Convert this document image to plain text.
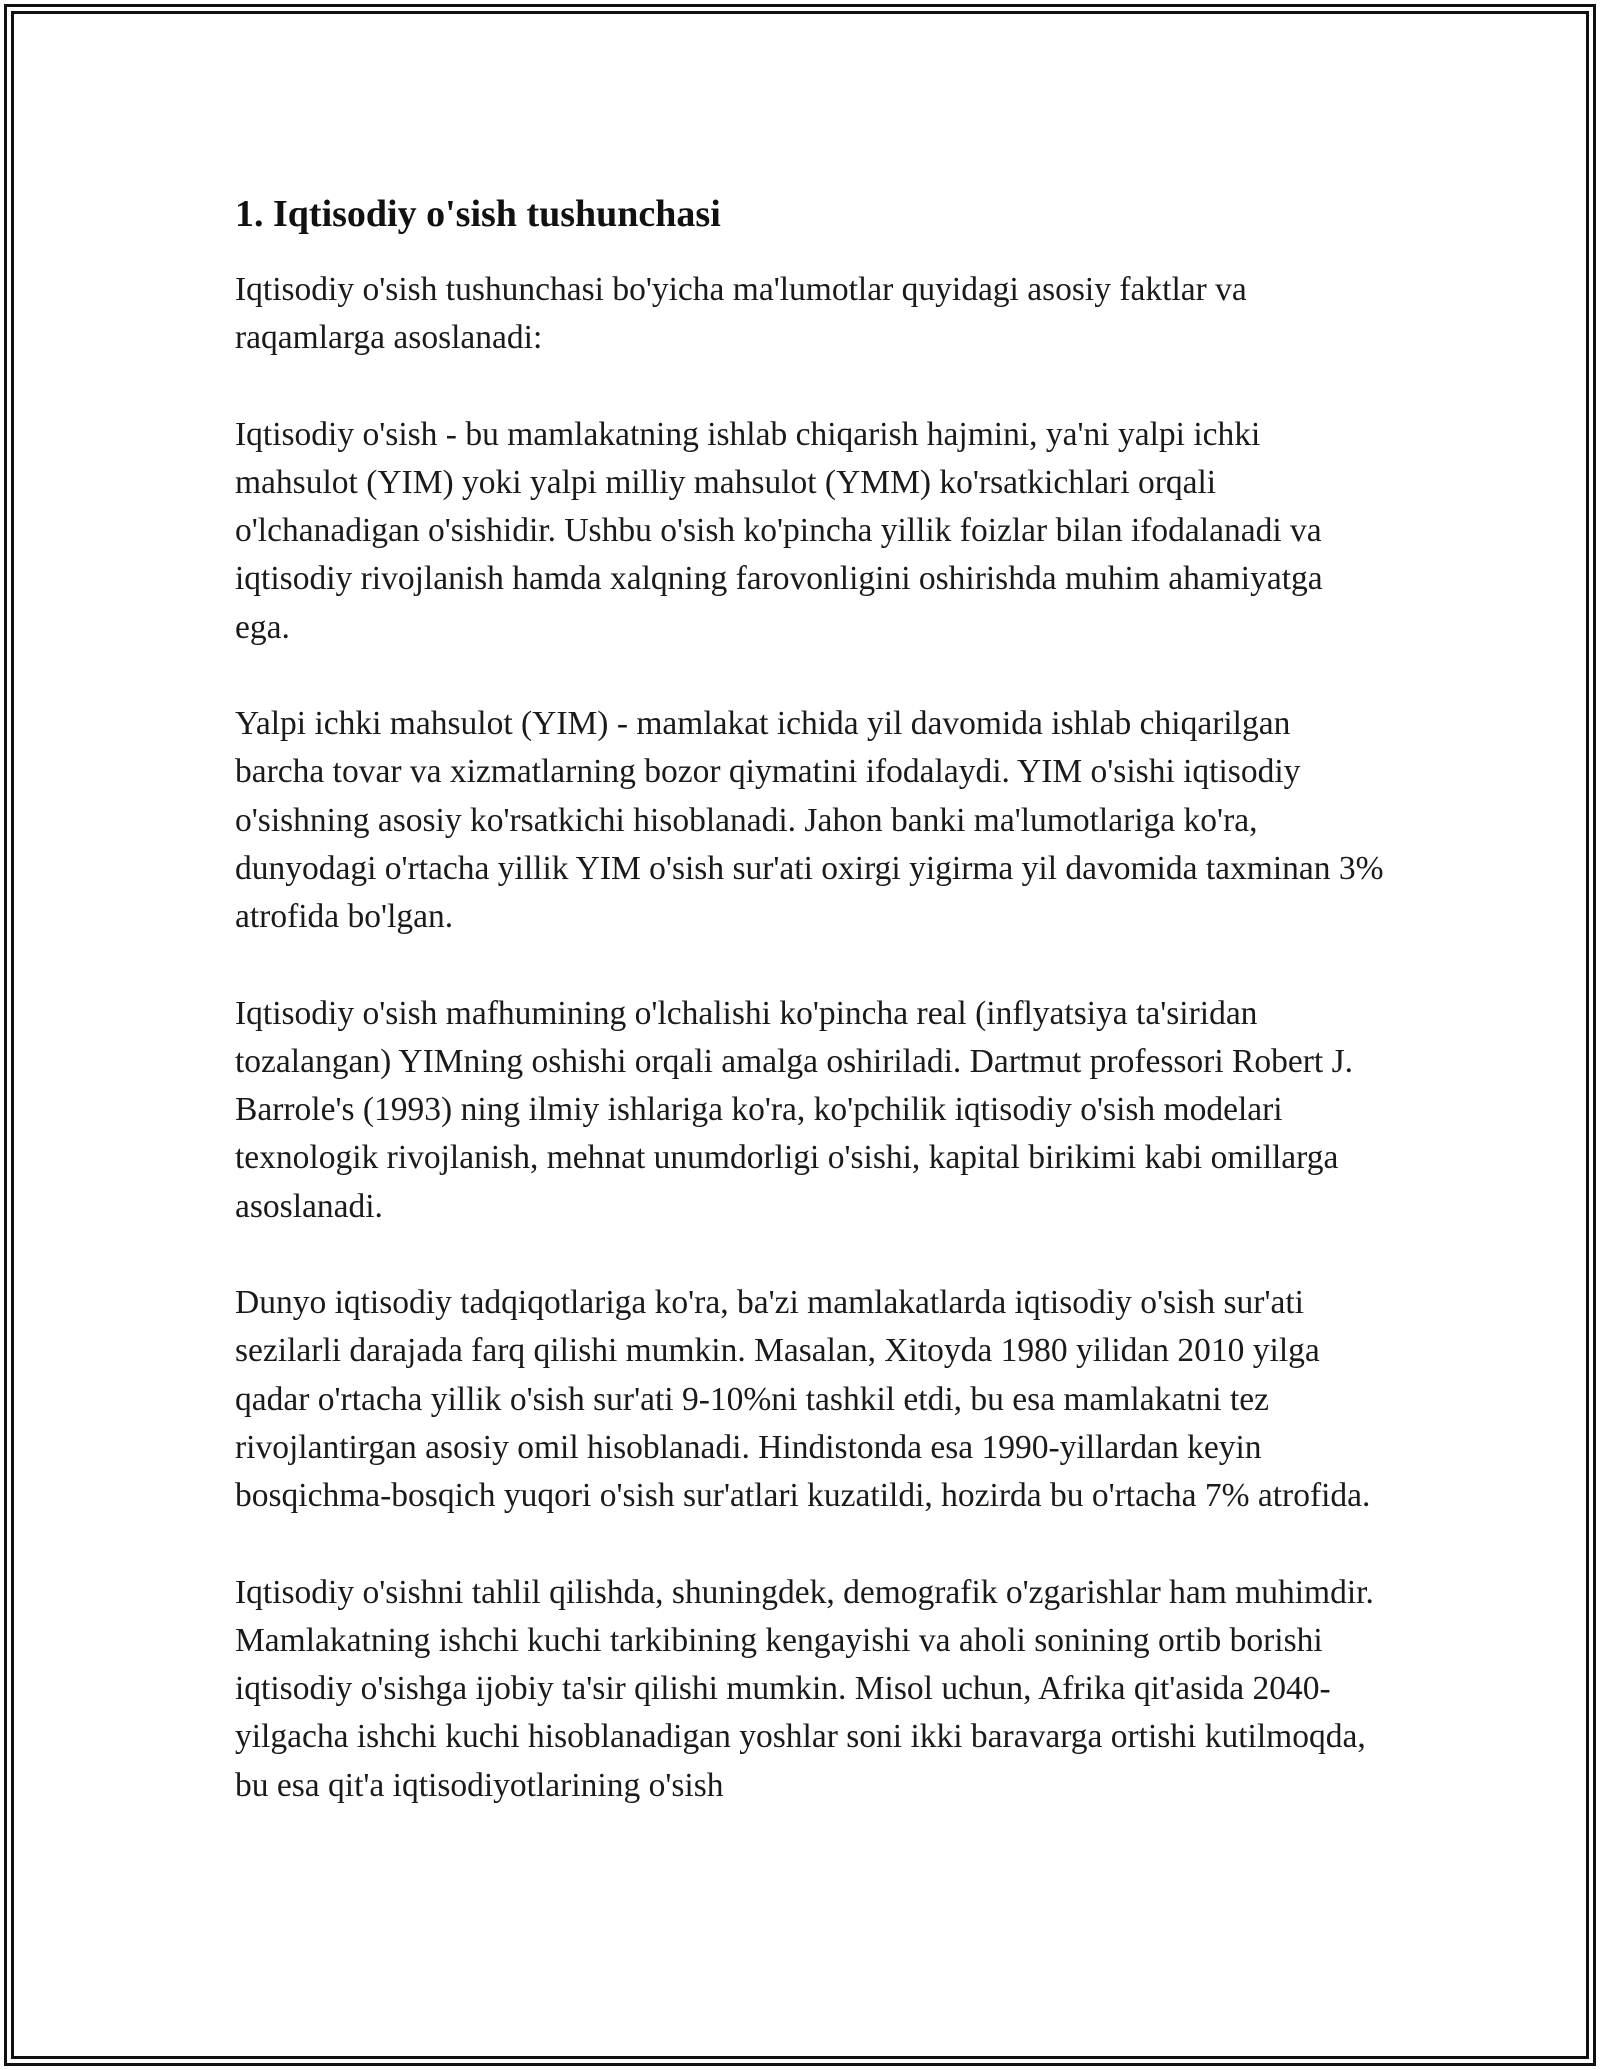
1. Iqtisodiy o'sish tushunchasi

Iqtisodiy o'sish tushunchasi bo'yicha ma'lumotlar quyidagi asosiy faktlar va raqamlarga asoslanadi:

Iqtisodiy o'sish - bu mamlakatning ishlab chiqarish hajmini, ya'ni yalpi ichki mahsulot (YIM) yoki yalpi milliy mahsulot (YMM) ko'rsatkichlari orqali o'lchanadigan o'sishidir. Ushbu o'sish ko'pincha yillik foizlar bilan ifodalanadi va iqtisodiy rivojlanish hamda xalqning farovonligini oshirishda muhim ahamiyatga ega.

Yalpi ichki mahsulot (YIM) - mamlakat ichida yil davomida ishlab chiqarilgan barcha tovar va xizmatlarning bozor qiymatini ifodalaydi. YIM o'sishi iqtisodiy o'sishning asosiy ko'rsatkichi hisoblanadi. Jahon banki ma'lumotlariga ko'ra, dunyodagi o'rtacha yillik YIM o'sish sur'ati oxirgi yigirma yil davomida taxminan 3% atrofida bo'lgan.

Iqtisodiy o'sish mafhumining o'lchalishi ko'pincha real (inflyatsiya ta'siridan tozalangan) YIMning oshishi orqali amalga oshiriladi. Dartmut professori Robert J. Barrole's (1993) ning ilmiy ishlariga ko'ra, ko'pchilik iqtisodiy o'sish modelari texnologik rivojlanish, mehnat unumdorligi o'sishi, kapital birikimi kabi omillarga asoslanadi.

Dunyo iqtisodiy tadqiqotlariga ko'ra, ba'zi mamlakatlarda iqtisodiy o'sish sur'ati sezilarli darajada farq qilishi mumkin. Masalan, Xitoyda 1980 yilidan 2010 yilga qadar o'rtacha yillik o'sish sur'ati 9-10%ni tashkil etdi, bu esa mamlakatni tez rivojlantirgan asosiy omil hisoblanadi. Hindistonda esa 1990-yillardan keyin bosqichma-bosqich yuqori o'sish sur'atlari kuzatildi, hozirda bu o'rtacha 7% atrofida.

Iqtisodiy o'sishni tahlil qilishda, shuningdek, demografik o'zgarishlar ham muhimdir. Mamlakatning ishchi kuchi tarkibining kengayishi va aholi sonining ortib borishi iqtisodiy o'sishga ijobiy ta'sir qilishi mumkin. Misol uchun, Afrika qit'asida 2040-yilgacha ishchi kuchi hisoblanadigan yoshlar soni ikki baravarga ortishi kutilmoqda, bu esa qit'a iqtisodiyotlarining o'sish
